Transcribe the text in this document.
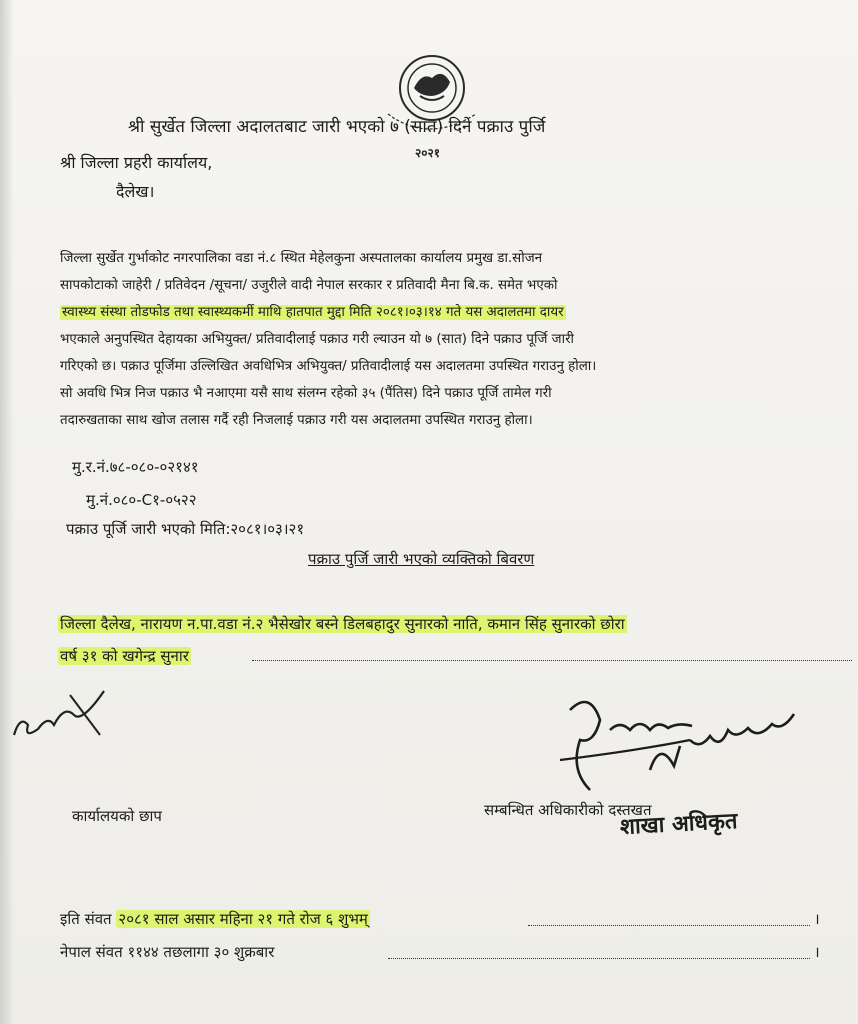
२०२१
श्री सुर्खेत जिल्ला अदालतबाट जारी भएको ७ (सात) दिने पक्राउ पुर्जि
श्री जिल्ला प्रहरी कार्यालय,
दैलेख।
जिल्ला सुर्खेत गुर्भाकोट नगरपालिका वडा नं.८ स्थित मेहेलकुना अस्पतालका कार्यालय प्रमुख डा.सोजन
सापकोटाको जाहेरी / प्रतिवेदन /सूचना/ उजुरीले वादी नेपाल सरकार र प्रतिवादी मैना बि.क. समेत भएको
स्वास्थ्य संस्था तोडफोड तथा स्वास्थ्यकर्मी माथि हातपात मुद्दा मिति २०८१।०३।१४ गते यस अदालतमा दायर
भएकाले अनुपस्थित देहायका अभियुक्त/ प्रतिवादीलाई पक्राउ गरी ल्याउन यो ७ (सात) दिने पक्राउ पूर्जि जारी
गरिएको छ। पक्राउ पूर्जिमा उल्लिखित अवधिभित्र अभियुक्त/ प्रतिवादीलाई यस अदालतमा उपस्थित गराउनु होला।
सो अवधि भित्र निज पक्राउ भै नआएमा यसै साथ संलग्न रहेको ३५ (पैंतिस) दिने पक्राउ पूर्जि तामेल गरी
तदारुखताका साथ खोज तलास गर्दै रही निजलाई पक्राउ गरी यस अदालतमा उपस्थित गराउनु होला।
मु.र.नं.७८-०८०-०२१४१
मु.नं.०८०-C१-०५२२
पक्राउ पूर्जि जारी भएको मिति:२०८१।०३।२१
पक्राउ पुर्जि जारी भएको व्यक्तिको बिवरण
जिल्ला दैलेख, नारायण न.पा.वडा नं.२ भैसेखोर बस्ने डिलबहादुर सुनारको नाति, कमान सिंह सुनारको छोरा
वर्ष ३१ को खगेन्द्र सुनार
कार्यालयको छाप	सम्बन्धित अधिकारीको दस्तखत
शाखा अधिकृत
इति संवत २०८१ साल असार महिना २१ गते रोज ६ शुभम्	।
नेपाल संवत ११४४ तछलागा ३० शुक्रबार	।
